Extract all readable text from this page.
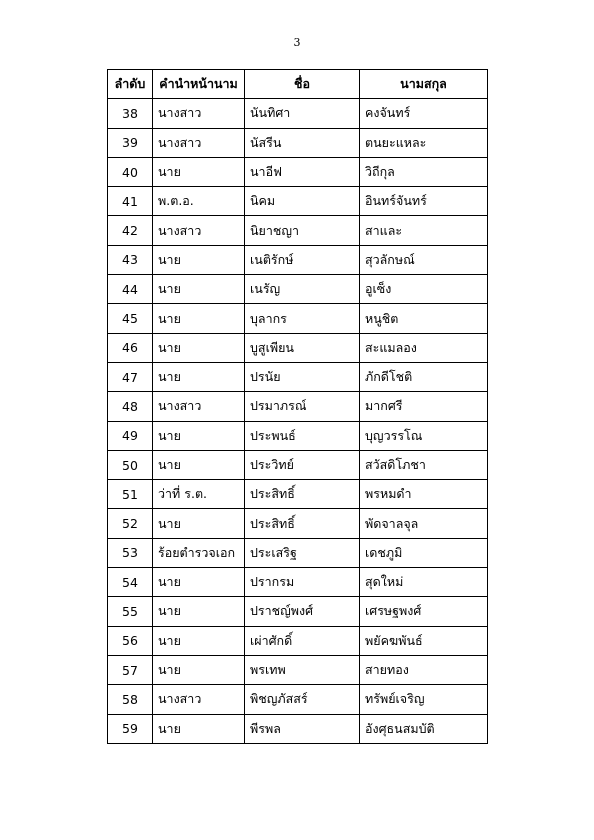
3
ลำดับ	คำนำหน้านาม	ชื่อ	นามสกุล
38	นางสาว	นันทิศา	คงจันทร์
39	นางสาว	นัสรีน	ตนยะแหละ
40	นาย	นาอีฟ	วิถีกุล
41	พ.ต.อ.	นิคม	อินทร์จันทร์
42	นางสาว	นิยาชญา	สาและ
43	นาย	เนติรักษ์	สุวลักษณ์
44	นาย	เนรัญ	อูเซ็ง
45	นาย	บุลากร	หนูชิต
46	นาย	บูสูเพียน	สะแมลอง
47	นาย	ปรนัย	ภักดีโชติ
48	นางสาว	ปรมาภรณ์	มากศรี
49	นาย	ประพนธ์	บุญวรรโณ
50	นาย	ประวิทย์	สวัสดิโภชา
51	ว่าที่ ร.ต.	ประสิทธิ์	พรหมดำ
52	นาย	ประสิทธิ์	พัดจาลจุล
53	ร้อยตำรวจเอก	ประเสริฐ	เดชภูมิ
54	นาย	ปรากรม	สุดใหม่
55	นาย	ปราชญ์พงศ์	เศรษฐพงศ์
56	นาย	เผ่าศักดิ์	พยัคฆพันธ์
57	นาย	พรเทพ	สายทอง
58	นางสาว	พิชญภัสสร์	ทรัพย์เจริญ
59	นาย	พีรพล	อังศุธนสมบัติ
